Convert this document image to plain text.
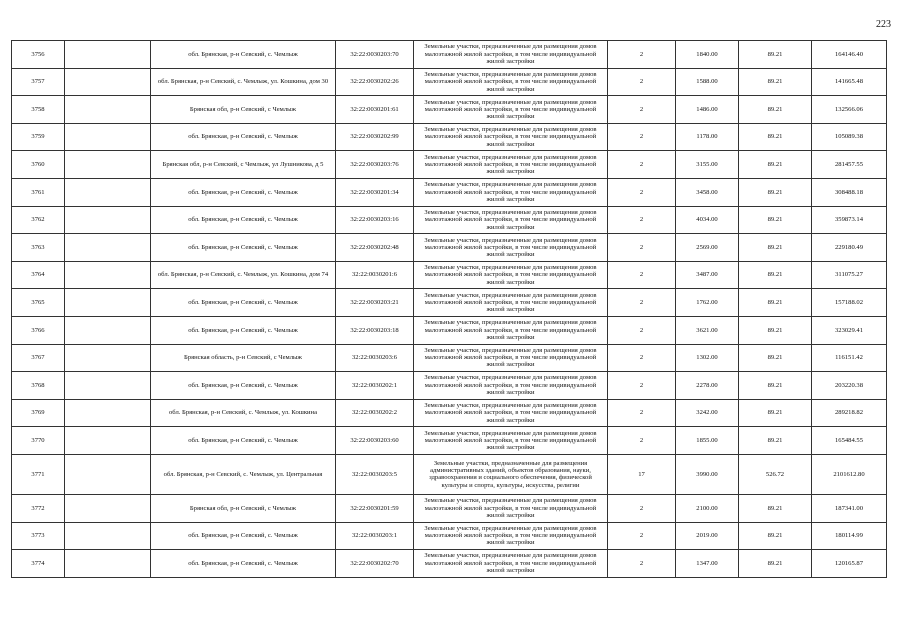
223
3756		обл. Брянская, р-н Севский, с. Чемлыж	32:22:0030203:70	Земельные участки, предназначенные для размещения домов малоэтажной жилой застройки, в том числе индивидуальной жилой застройки	2	1840.00	89.21	164146.40
3757		обл. Брянская, р-н Севский, с. Чемлыж, ул. Кошкина, дом 30	32:22:0030202:26	Земельные участки, предназначенные для размещения домов малоэтажной жилой застройки, в том числе индивидуальной жилой застройки	2	1588.00	89.21	141665.48
3758		Брянская обл, р-н Севский, с Чемлыж	32:22:0030201:61	Земельные участки, предназначенные для размещения домов малоэтажной жилой застройки, в том числе индивидуальной жилой застройки	2	1486.00	89.21	132566.06
3759		обл. Брянская, р-н Севский, с. Чемлыж	32:22:0030202:99	Земельные участки, предназначенные для размещения домов малоэтажной жилой застройки, в том числе индивидуальной жилой застройки	2	1178.00	89.21	105089.38
3760		Брянская обл, р-н Севский, с Чемлыж, ул Лушникова, д 5	32:22:0030203:76	Земельные участки, предназначенные для размещения домов малоэтажной жилой застройки, в том числе индивидуальной жилой застройки	2	3155.00	89.21	281457.55
3761		обл. Брянская, р-н Севский, с. Чемлыж	32:22:0030201:34	Земельные участки, предназначенные для размещения домов малоэтажной жилой застройки, в том числе индивидуальной жилой застройки	2	3458.00	89.21	308488.18
3762		обл. Брянская, р-н Севский, с. Чемлыж	32:22:0030203:16	Земельные участки, предназначенные для размещения домов малоэтажной жилой застройки, в том числе индивидуальной жилой застройки	2	4034.00	89.21	359873.14
3763		обл. Брянская, р-н Севский, с. Чемлыж	32:22:0030202:48	Земельные участки, предназначенные для размещения домов малоэтажной жилой застройки, в том числе индивидуальной жилой застройки	2	2569.00	89.21	229180.49
3764		обл. Брянская, р-н Севский, с. Чемлыж, ул. Кошкина, дом 74	32:22:0030201:6	Земельные участки, предназначенные для размещения домов малоэтажной жилой застройки, в том числе индивидуальной жилой застройки	2	3487.00	89.21	311075.27
3765		обл. Брянская, р-н Севский, с. Чемлыж	32:22:0030203:21	Земельные участки, предназначенные для размещения домов малоэтажной жилой застройки, в том числе индивидуальной жилой застройки	2	1762.00	89.21	157188.02
3766		обл. Брянская, р-н Севский, с. Чемлыж	32:22:0030203:18	Земельные участки, предназначенные для размещения домов малоэтажной жилой застройки, в том числе индивидуальной жилой застройки	2	3621.00	89.21	323029.41
3767		Брянская область, р-н Севский, с Чемлыж	32:22:0030203:6	Земельные участки, предназначенные для размещения домов малоэтажной жилой застройки, в том числе индивидуальной жилой застройки	2	1302.00	89.21	116151.42
3768		обл. Брянская, р-н Севский, с. Чемлыж	32:22:0030202:1	Земельные участки, предназначенные для размещения домов малоэтажной жилой застройки, в том числе индивидуальной жилой застройки	2	2278.00	89.21	203220.38
3769		обл. Брянская, р-н Севский, с. Чемлыж, ул. Кошкина	32:22:0030202:2	Земельные участки, предназначенные для размещения домов малоэтажной жилой застройки, в том числе индивидуальной жилой застройки	2	3242.00	89.21	289218.82
3770		обл. Брянская, р-н Севский, с. Чемлыж	32:22:0030203:60	Земельные участки, предназначенные для размещения домов малоэтажной жилой застройки, в том числе индивидуальной жилой застройки	2	1855.00	89.21	165484.55
3771		обл. Брянская, р-н Севский, с. Чемлыж, ул. Центральная	32:22:0030203:5	Земельные участки, предназначенные для размещения административных зданий, объектов образования, науки, здравоохранения и социального обеспечения, физической культуры и спорта, культуры, искусства, религии	17	3990.00	526.72	2101612.80
3772		Брянская обл, р-н Севский, с Чемлыж	32:22:0030201:59	Земельные участки, предназначенные для размещения домов малоэтажной жилой застройки, в том числе индивидуальной жилой застройки	2	2100.00	89.21	187341.00
3773		обл. Брянская, р-н Севский, с. Чемлыж	32:22:0030203:1	Земельные участки, предназначенные для размещения домов малоэтажной жилой застройки, в том числе индивидуальной жилой застройки	2	2019.00	89.21	180114.99
3774		обл. Брянская, р-н Севский, с. Чемлыж	32:22:0030202:70	Земельные участки, предназначенные для размещения домов малоэтажной жилой застройки, в том числе индивидуальной жилой застройки	2	1347.00	89.21	120165.87
